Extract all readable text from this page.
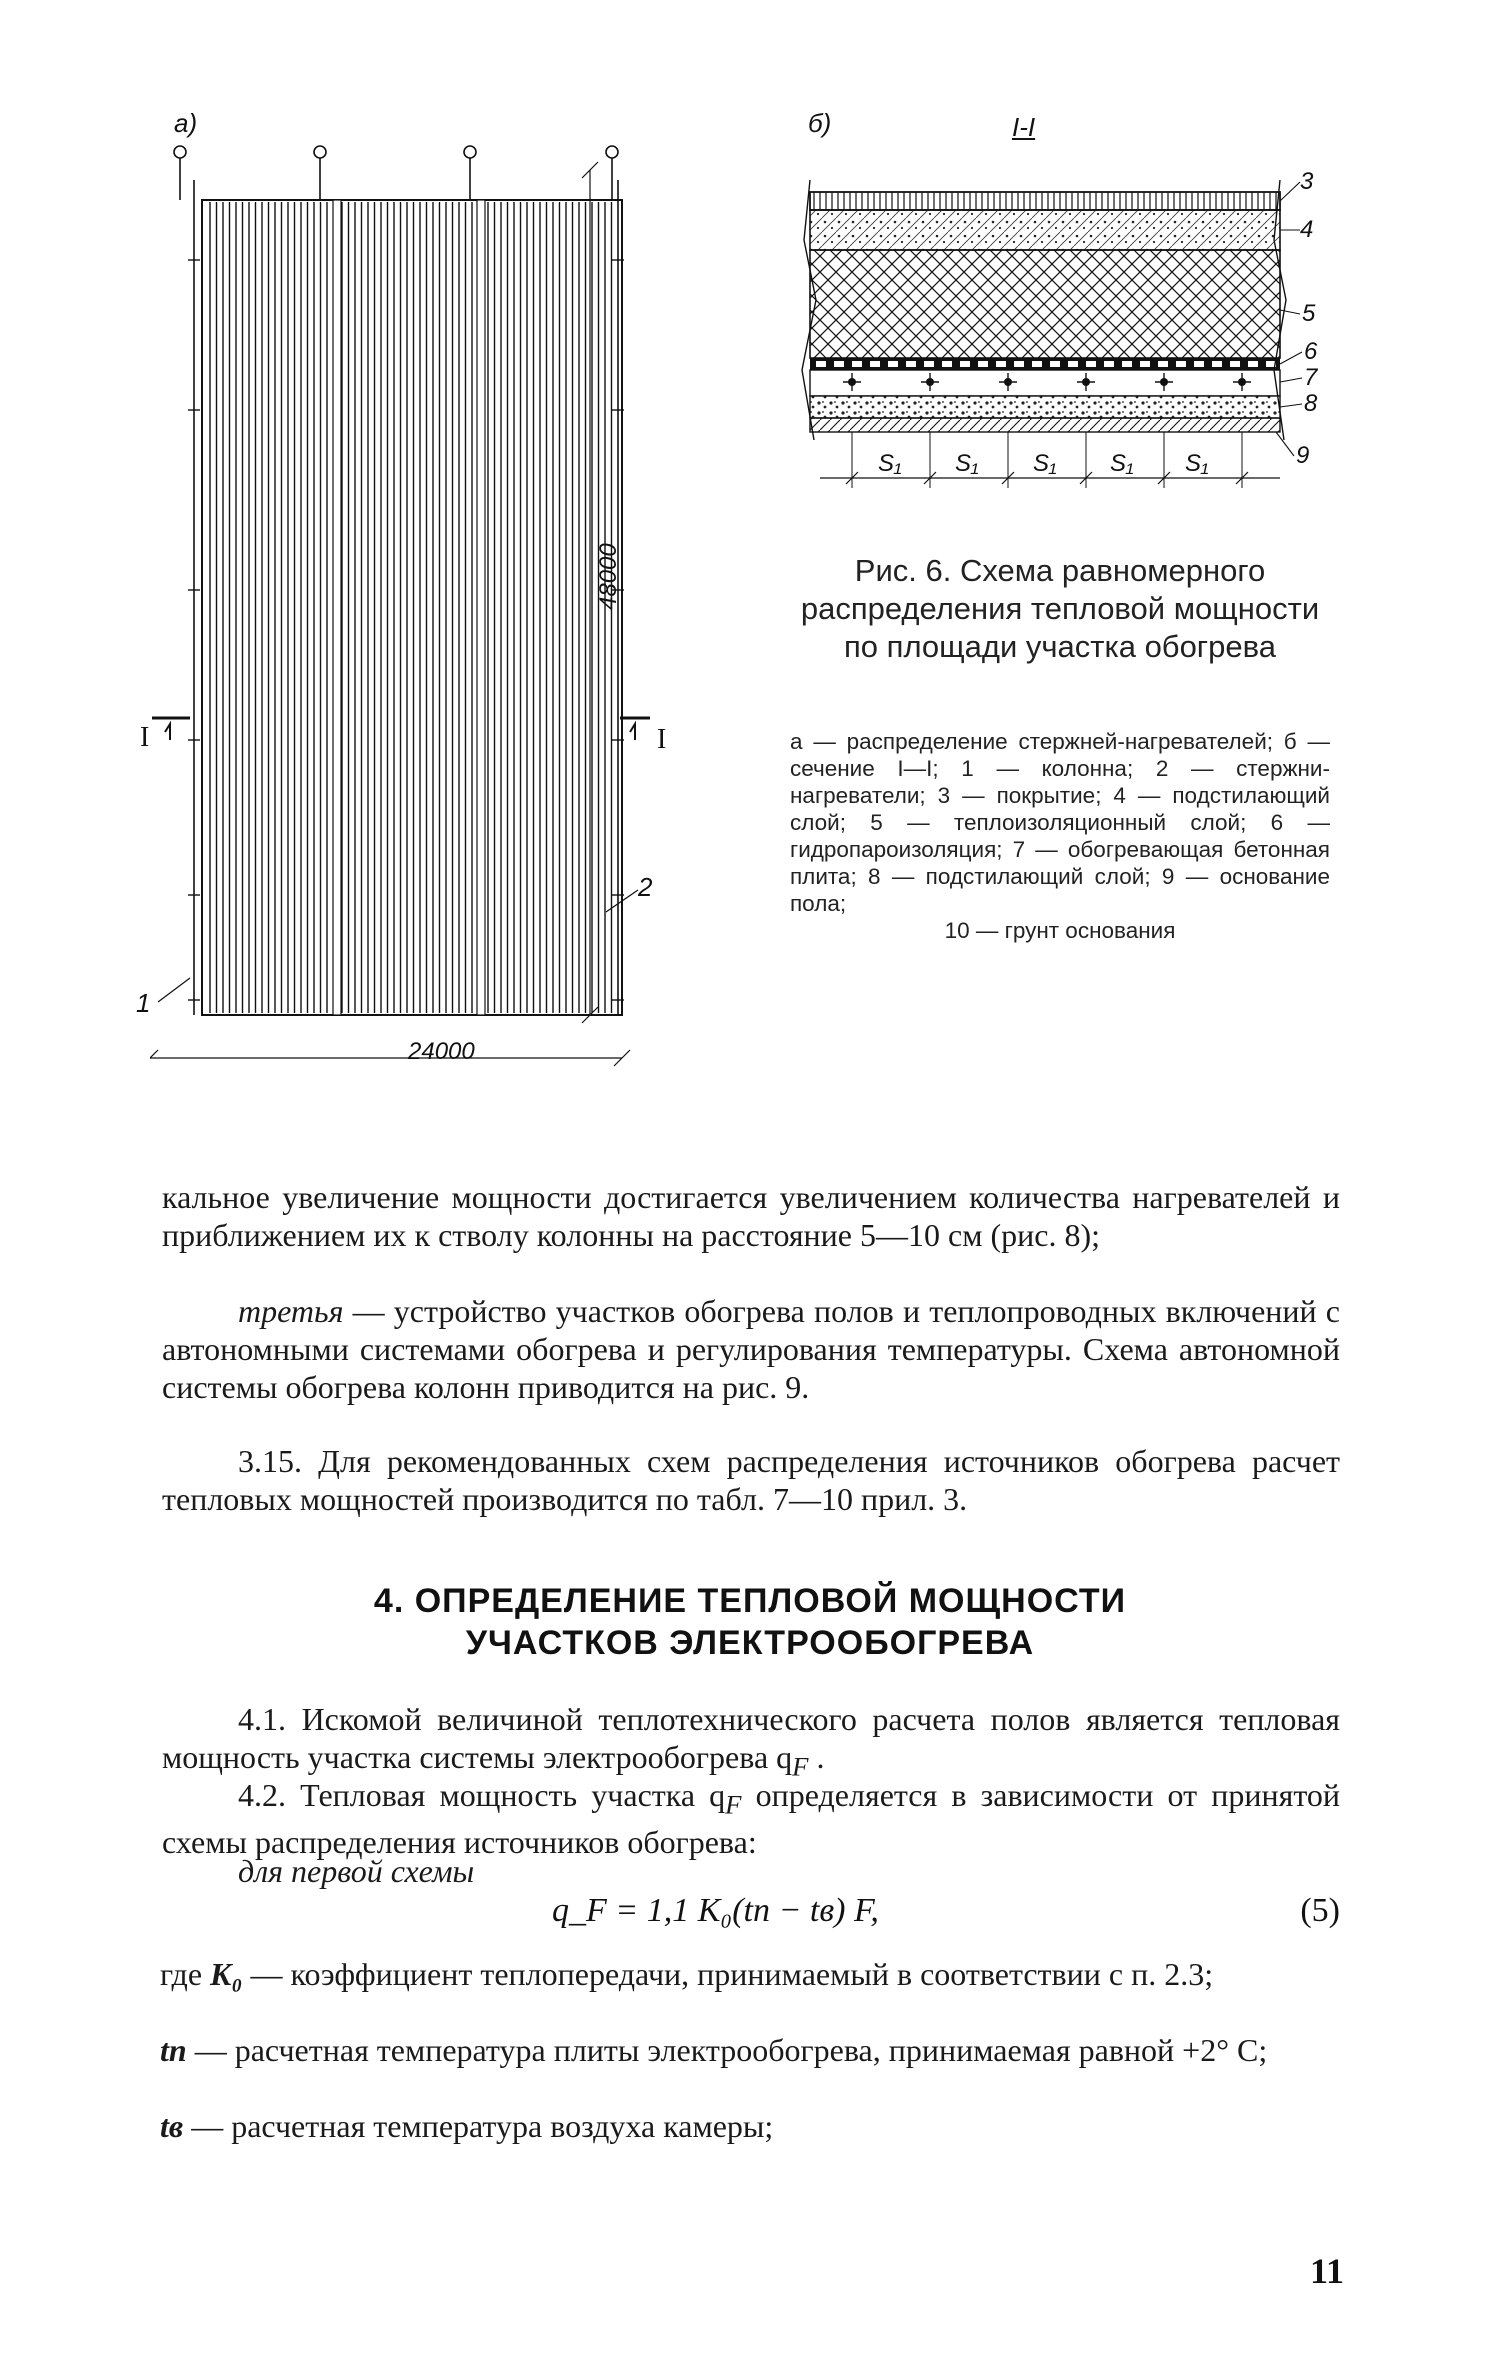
а)
48000
24000
I	I
1
2
б)	I-I
3
4
5
6
7
8
9
S₁ S₁ S₁ S₁ S₁
Рис. 6. Схема равномерного распределения тепловой мощности по площади участка обогрева
а — распределение стержней-нагревателей; б — сечение I—I; 1 — колонна; 2 — стержни-нагреватели; 3 — покрытие; 4 — подстилающий слой; 5 — теплоизоляционный слой; 6 — гидропароизоляция; 7 — обогревающая бетонная плита; 8 — подстилающий слой; 9 — основание пола;
10 — грунт основания
кальное увеличение мощности достигается увеличением количества нагревателей и приближением их к стволу колонны на расстояние 5—10 см (рис. 8);
третья — устройство участков обогрева полов и теплопроводных включений с автономными системами обогрева и регулирования температуры. Схема автономной системы обогрева колонн приводится на рис. 9.
3.15. Для рекомендованных схем распределения источников обогрева расчет тепловых мощностей производится по табл. 7—10 прил. 3.
4. ОПРЕДЕЛЕНИЕ ТЕПЛОВОЙ МОЩНОСТИ
УЧАСТКОВ ЭЛЕКТРООБОГРЕВА
4.1. Искомой величиной теплотехнического расчета полов является тепловая мощность участка системы электрообогрева $q_F$ .
4.2. Тепловая мощность участка $q_F$ определяется в зависимости от принятой схемы распределения источников обогрева:
для первой схемы
q_F = 1,1 K₀(tп − tв) F,	(5)
где K₀ — коэффициент теплопередачи, принимаемый в соответствии с п. 2.3;
tп — расчетная температура плиты электрообогрева, принимаемая равной +2° С;
tв — расчетная температура воздуха камеры;
11
